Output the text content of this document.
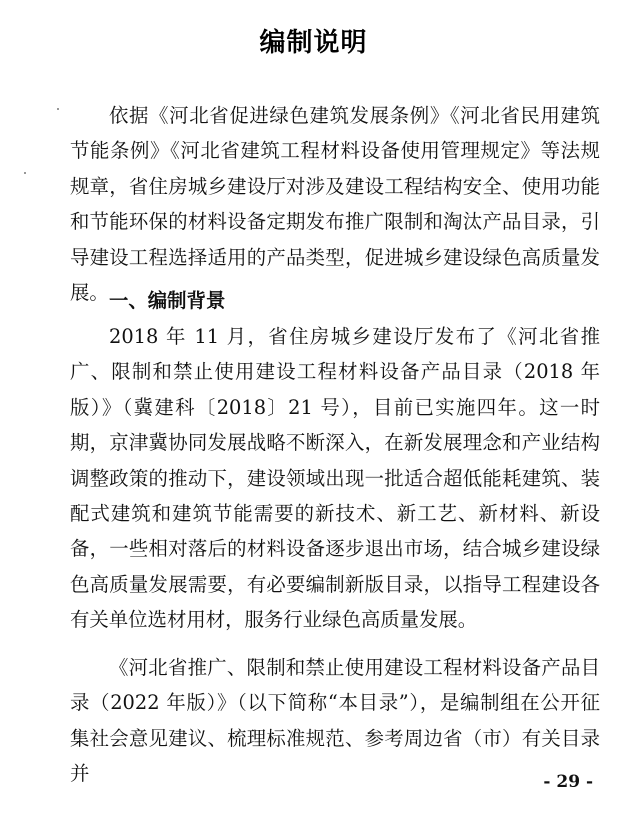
编制说明

依据《河北省促进绿色建筑发展条例》《河北省民用建筑节能条例》《河北省建筑工程材料设备使用管理规定》等法规规章，省住房城乡建设厅对涉及建设工程结构安全、使用功能和节能环保的材料设备定期发布推广限制和淘汰产品目录，引导建设工程选择适用的产品类型，促进城乡建设绿色高质量发展。 一、编制背景

2018 年 11 月，省住房城乡建设厅发布了《河北省推广、限制和禁止使用建设工程材料设备产品目录（2018 年版）》（冀建科〔2018〕21 号），目前已实施四年。这一时期，京津冀协同发展战略不断深入，在新发展理念和产业结构调整政策的推动下，建设领域出现一批适合超低能耗建筑、装配式建筑和建筑节能需要的新技术、新工艺、新材料、新设备，一些相对落后的材料设备逐步退出市场，结合城乡建设绿色高质量发展需要，有必要编制新版目录，以指导工程建设各有关单位选材用材，服务行业绿色高质量发展。

《河北省推广、限制和禁止使用建设工程材料设备产品目录（2022 年版）》（以下简称“本目录”），是编制组在公开征集社会意见建议、梳理标准规范、参考周边省（市）有关目录并	- 29 -
